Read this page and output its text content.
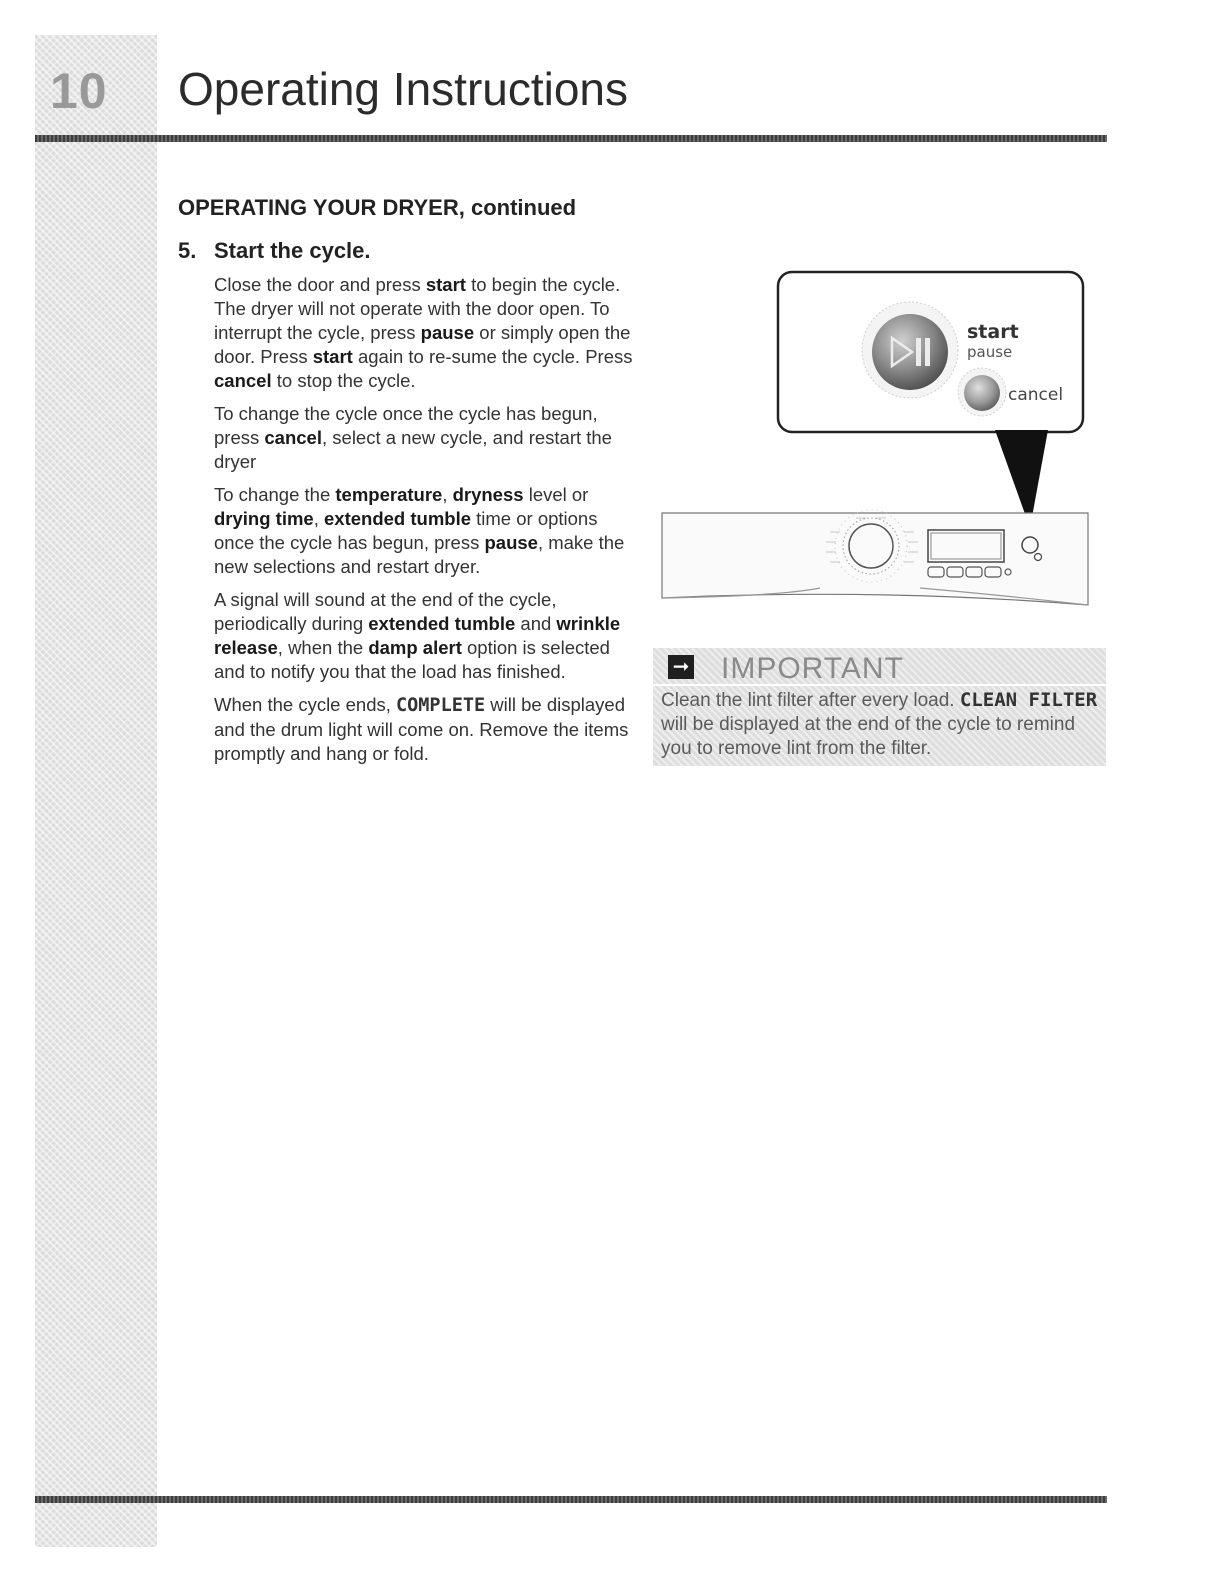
10	Operating Instructions
OPERATING YOUR DRYER, continued
5. Start the cycle.

Close the door and press start to begin the cycle. The dryer will not operate with the door open. To interrupt the cycle, press pause or simply open the door. Press start again to re-sume the cycle. Press cancel to stop the cycle.

To change the cycle once the cycle has begun, press cancel, select a new cycle, and restart the dryer

To change the temperature, dryness level or drying time, extended tumble time or options once the cycle has begun, press pause, make the new selections and restart dryer.

A signal will sound at the end of the cycle, periodically during extended tumble and wrinkle release, when the damp alert option is selected and to notify you that the load has finished.

When the cycle ends, COMPLETE will be displayed and the drum light will come on. Remove the items promptly and hang or fold.

start
pause
cancel
➞ IMPORTANT
Clean the lint filter after every load. CLEAN FILTER will be displayed at the end of the cycle to remind you to remove lint from the filter.
